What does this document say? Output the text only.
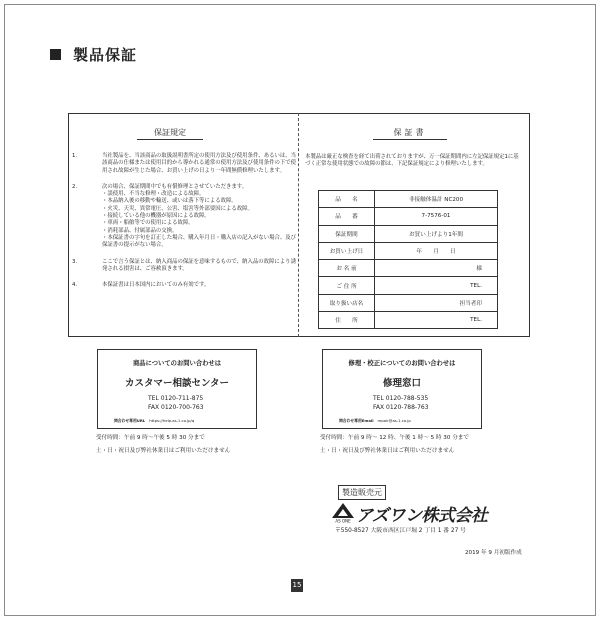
製品保証
保証規定
1.	当社製品を、当該商品の取扱説明書所定の使用方法及び使用条件、あるいは、当該商品の仕様または使用目的から導かれる通常の使用方法及び使用条件の下で使用され故障が生じた場合、お買い上げの日より一年間無償修理いたします。
2.	次の場合、保証期間中でも有償修理とさせていただきます。
・誤使用、不当な修理・改造による故障。
・本品納入後の移動や輸送、或いは落下等による故障。
・火災、天災、異常電圧、公害、塩害等外部要因による故障。
・接続している他の機器が原因による故障。
・車両・船舶等での使用による故障。
・消耗部品、付属部品の交換。
・本保証書の字句を訂正した場合、購入年月日・購入店の記入がない場合、及び保証書の提示がない場合。
3.	ここで言う保証とは、納入商品の保証を意味するもので、納入品の故障により誘発される損害は、ご容赦頂きます。
4.	本保証書は日本国内においてのみ有効です。
保証書
本製品は厳正な検査を経て出荷されておりますが、万一保証期間内に左記保証規定1に基づく正常な使用状態での故障の節は、下記保証規定により修理いたします。
品　　名	非接触体温計 NC200
品　　番	7-7576-01
保証期間	お買い上げより1年間
お買い上げ日	年　　月　　日
お 名 前	様
ご 住 所	TEL.
取り扱い店名	担当者印
住　　所	TEL.
商品についてのお問い合わせは
カスタマー相談センター
TEL 0120-711-875
FAX 0120-700-763
問合わせ専用URL https://help.as-1.co.jp/q
修理・校正についてのお問い合わせは
修理窓口
TEL 0120-788-535
FAX 0120-788-763
問合わせ専用Email repair@as-1.co.jp
受付時間：午前 9 時～午後 5 時 30 分まで
土・日・祝日及び弊社休業日はご利用いただけません
受付時間：午前 9 時～ 12 時、午後 1 時～ 5 時 30 分まで
土・日・祝日及び弊社休業日はご利用いただけません
製造販売元
AS ONE アズワン株式会社
〒550-8527 大阪市西区江戸堀 2 丁目 1 番 27 号
2019 年 9 月初版作成
15
